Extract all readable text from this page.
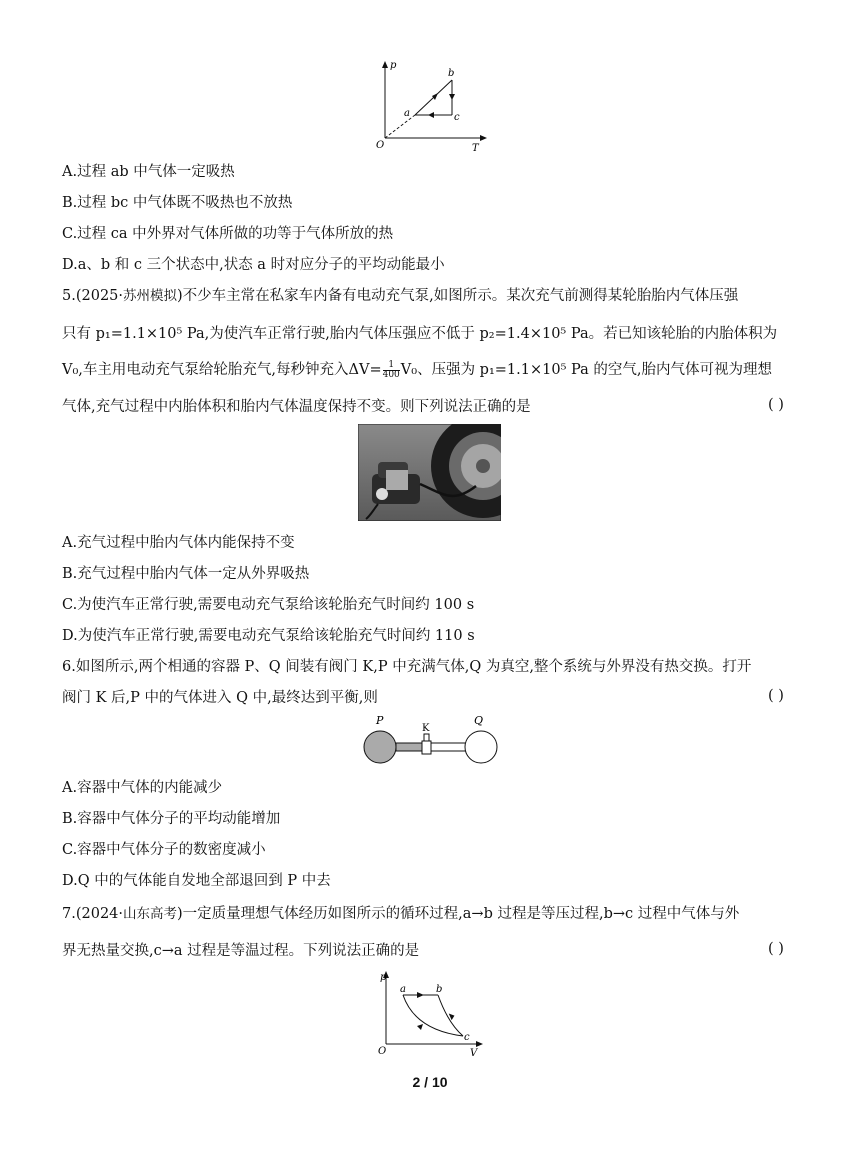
p
T
O
a
b
c
A.过程 ab 中气体一定吸热
B.过程 bc 中气体既不吸热也不放热
C.过程 ca 中外界对气体所做的功等于气体所放的热
D.a、b 和 c 三个状态中,状态 a 时对应分子的平均动能最小
5.(2025·苏州模拟)不少车主常在私家车内备有电动充气泵,如图所示。某次充气前测得某轮胎胎内气体压强
只有 p₁=1.1×10⁵ Pa,为使汽车正常行驶,胎内气体压强应不低于 p₂=1.4×10⁵ Pa。若已知该轮胎的内胎体积为
V₀,车主用电动充气泵给轮胎充气,每秒钟充入$\Delta V= \frac{1}{400} V_0$、压强为 p₁=1.1×10⁵ Pa 的空气,胎内气体可视为理想
气体,充气过程中内胎体积和胎内气体温度保持不变。则下列说法正确的是	( )
A.充气过程中胎内气体内能保持不变
B.充气过程中胎内气体一定从外界吸热
C.为使汽车正常行驶,需要电动充气泵给该轮胎充气时间约 100 s
D.为使汽车正常行驶,需要电动充气泵给该轮胎充气时间约 110 s
6.如图所示,两个相通的容器 P、Q 间装有阀门 K,P 中充满气体,Q 为真空,整个系统与外界没有热交换。打开
阀门 K 后,P 中的气体进入 Q 中,最终达到平衡,则	( )
P
K
Q
A.容器中气体的内能减少
B.容器中气体分子的平均动能增加
C.容器中气体分子的数密度减小
D.Q 中的气体能自发地全部退回到 P 中去
7.(2024·山东高考)一定质量理想气体经历如图所示的循环过程,a→b 过程是等压过程,b→c 过程中气体与外
界无热量交换,c→a 过程是等温过程。下列说法正确的是	( )
p
V
O
a	b
c
2 / 10
